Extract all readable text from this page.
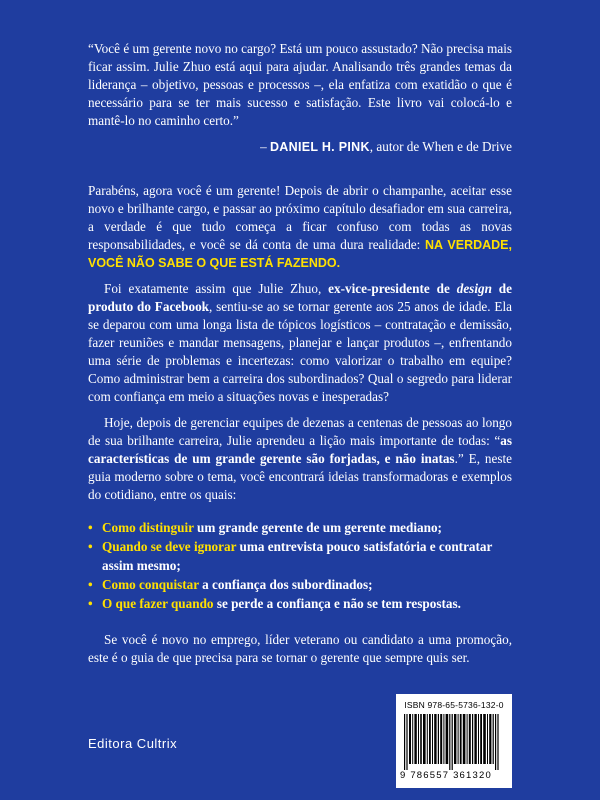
“Você é um gerente novo no cargo? Está um pouco assustado? Não precisa mais ficar assim. Julie Zhuo está aqui para ajudar. Analisando três grandes temas da liderança – objetivo, pessoas e processos –, ela enfatiza com exatidão o que é necessário para se ter mais sucesso e satisfação. Este livro vai colocá-lo e mantê-lo no caminho certo.”

– DANIEL H. PINK, autor de When e de Drive

Parabéns, agora você é um gerente! Depois de abrir o champanhe, aceitar esse novo e brilhante cargo, e passar ao próximo capítulo desafiador em sua carreira, a verdade é que tudo começa a ficar confuso com todas as novas responsabilidades, e você se dá conta de uma dura realidade: NA VERDADE, VOCÊ NÃO SABE O QUE ESTÁ FAZENDO.

Foi exatamente assim que Julie Zhuo, ex-vice-presidente de design de produto do Facebook, sentiu-se ao se tornar gerente aos 25 anos de idade. Ela se deparou com uma longa lista de tópicos logísticos – contratação e demissão, fazer reuniões e mandar mensagens, planejar e lançar produtos –, enfrentando uma série de problemas e incertezas: como valorizar o trabalho em equipe? Como administrar bem a carreira dos subordinados? Qual o segredo para liderar com confiança em meio a situações novas e inesperadas?

Hoje, depois de gerenciar equipes de dezenas a centenas de pessoas ao longo de sua brilhante carreira, Julie aprendeu a lição mais importante de todas: “as características de um grande gerente são forjadas, e não inatas.” E, neste guia moderno sobre o tema, você encontrará ideias transformadoras e exemplos do cotidiano, entre os quais:

• Como distinguir um grande gerente de um gerente mediano;
• Quando se deve ignorar uma entrevista pouco satisfatória e contratar assim mesmo;
• Como conquistar a confiança dos subordinados;
• O que fazer quando se perde a confiança e não se tem respostas.

Se você é novo no emprego, líder veterano ou candidato a uma promoção, este é o guia de que precisa para se tornar o gerente que sempre quis ser.

Editora Cultrix
ISBN 978-65-5736-132-0
9 786557 361320
